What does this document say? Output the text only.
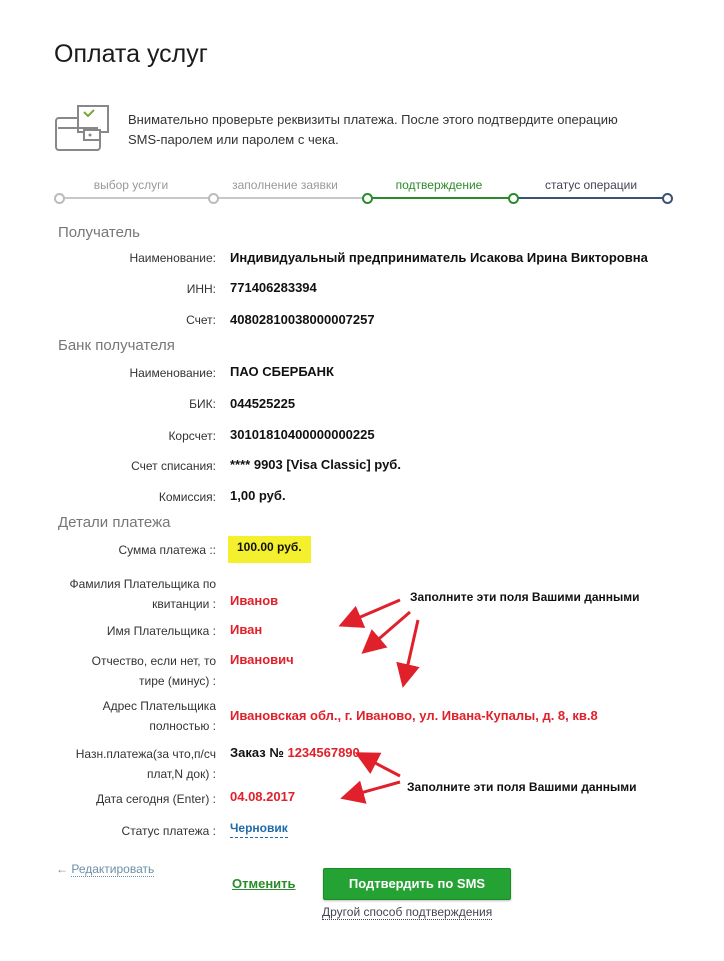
Оплата услуг
Внимательно проверьте реквизиты платежа. После этого подтвердите операцию SMS-паролем или паролем с чека.
выбор услуги	заполнение заявки	подтверждение	статус операции
Получатель
Наименование: Индивидуальный предприниматель Исакова Ирина Викторовна
ИНН: 771406283394
Счет: 40802810038000007257
Банк получателя
Наименование: ПАО СБЕРБАНК
БИК: 044525225
Корсчет: 30101810400000000225
Счет списания: **** 9903 [Visa Classic] руб.
Комиссия: 1,00 руб.
Детали платежа
Сумма платежа :: 100.00 руб.
Фамилия Плательщика по
квитанции : Иванов
Имя Плательщика : Иван
Отчество, если нет, то
тире (минус) :
Иванович
Адрес Плательщика
полностью :
Ивановская обл., г. Иваново, ул. Ивана-Купалы, д. 8, кв.8
Назн.платежа(за что,п/сч
плат,N док) :
Заказ № 1234567890
Дата сегодня (Enter) : 04.08.2017
Статус платежа : Черновик
Заполните эти поля Вашими данными
Заполните эти поля Вашими данными
← Редактировать
Отменить	Подтвердить по SMS
Другой способ подтверждения
